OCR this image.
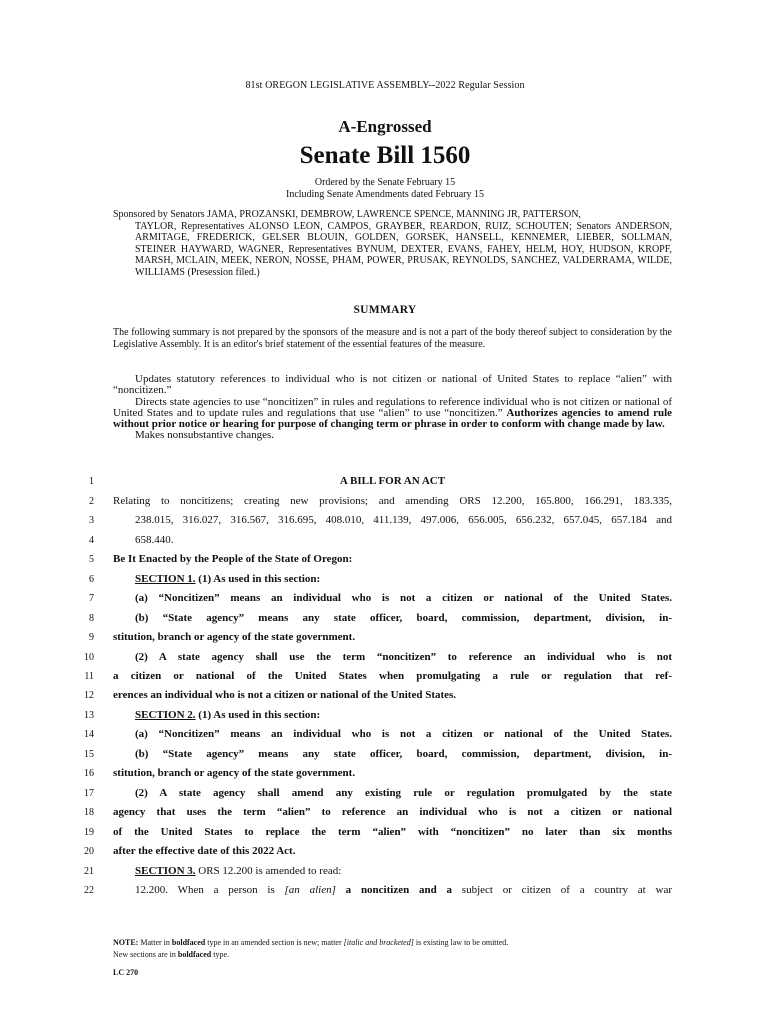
81st OREGON LEGISLATIVE ASSEMBLY--2022 Regular Session
A-Engrossed
Senate Bill 1560
Ordered by the Senate February 15
Including Senate Amendments dated February 15
Sponsored by Senators JAMA, PROZANSKI, DEMBROW, LAWRENCE SPENCE, MANNING JR, PATTERSON,
TAYLOR, Representatives ALONSO LEON, CAMPOS, GRAYBER, REARDON, RUIZ, SCHOUTEN; Senators ANDERSON, ARMITAGE, FREDERICK, GELSER BLOUIN, GOLDEN, GORSEK, HANSELL, KENNEMER, LIEBER, SOLLMAN, STEINER HAYWARD, WAGNER, Representatives BYNUM, DEXTER, EVANS, FAHEY, HELM, HOY, HUDSON, KROPF, MARSH, MCLAIN, MEEK, NERON, NOSSE, PHAM, POWER, PRUSAK, REYNOLDS, SANCHEZ, VALDERRAMA, WILDE, WILLIAMS (Presession filed.)
SUMMARY
The following summary is not prepared by the sponsors of the measure and is not a part of the body thereof subject to consideration by the Legislative Assembly. It is an editor's brief statement of the essential features of the measure.

Updates statutory references to individual who is not citizen or national of United States to replace “alien” with “noncitizen.”

Directs state agencies to use “noncitizen” in rules and regulations to reference individual who is not citizen or national of United States and to update rules and regulations that use “alien” to use “noncitizen.” Authorizes agencies to amend rule without prior notice or hearing for purpose of changing term or phrase in order to conform with change made by law.

Makes nonsubstantive changes.

1
2
3
4
5
6
7
8
9
10
11
12
13
14
15
16
17
18
19
20
21
22
A BILL FOR AN ACT
Relating to noncitizens; creating new provisions; and amending ORS 12.200, 165.800, 166.291, 183.335,
238.015, 316.027, 316.567, 316.695, 408.010, 411.139, 497.006, 656.005, 656.232, 657.045, 657.184 and
658.440.
Be It Enacted by the People of the State of Oregon:
SECTION 1. (1) As used in this section:
(a) “Noncitizen” means an individual who is not a citizen or national of the United States.
(b) “State agency” means any state officer, board, commission, department, division, in-
stitution, branch or agency of the state government.
(2) A state agency shall use the term “noncitizen” to reference an individual who is not
a citizen or national of the United States when promulgating a rule or regulation that ref-
erences an individual who is not a citizen or national of the United States.
SECTION 2. (1) As used in this section:
(a) “Noncitizen” means an individual who is not a citizen or national of the United States.
(b) “State agency” means any state officer, board, commission, department, division, in-
stitution, branch or agency of the state government.
(2) A state agency shall amend any existing rule or regulation promulgated by the state
agency that uses the term “alien” to reference an individual who is not a citizen or national
of the United States to replace the term “alien” with “noncitizen” no later than six months
after the effective date of this 2022 Act.
SECTION 3. ORS 12.200 is amended to read:
12.200. When a person is [an alien] a noncitizen and a subject or citizen of a country at war
NOTE: Matter in boldfaced type in an amended section is new; matter [italic and bracketed] is existing law to be omitted.
New sections are in boldfaced type.
LC 270
